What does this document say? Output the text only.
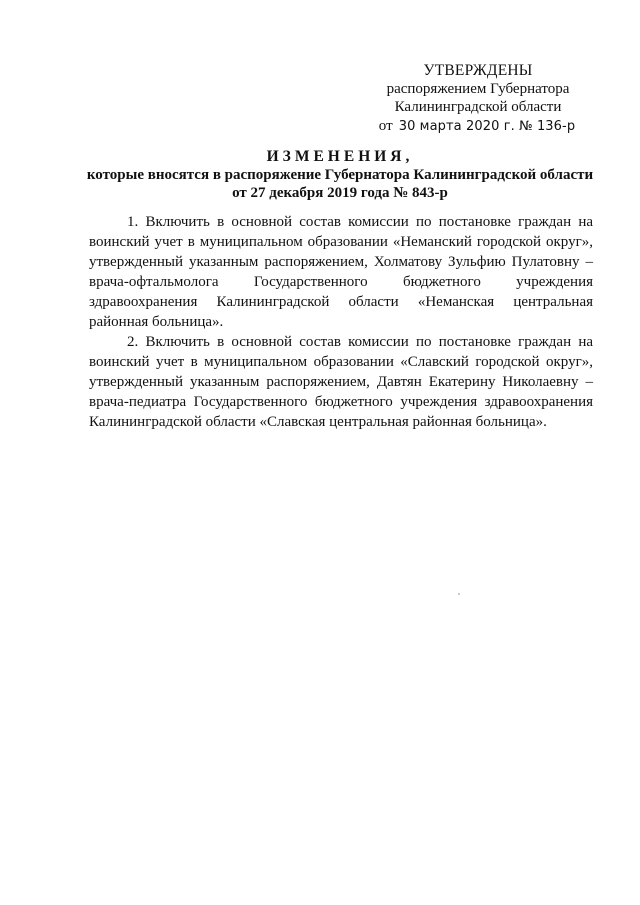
УТВЕРЖДЕНЫ
распоряжением Губернатора
Калининградской области
от 30 марта 2020 г. № 136-р
ИЗМЕНЕНИЯ,
которые вносятся в распоряжение Губернатора Калининградской области
от 27 декабря 2019 года № 843-р

1. Включить в основной состав комиссии по постановке граждан на воинский учет в муниципальном образовании «Неманский городской округ», утвержденный указанным распоряжением, Холматову Зульфию Пулатовну – врача-офтальмолога Государственного бюджетного учреждения здравоохранения Калининградской области «Неманская центральная районная больница».

2. Включить в основной состав комиссии по постановке граждан на воинский учет в муниципальном образовании «Славский городской округ», утвержденный указанным распоряжением, Давтян Екатерину Николаевну – врача-педиатра Государственного бюджетного учреждения здравоохранения Калининградской области «Славская центральная районная больница».
